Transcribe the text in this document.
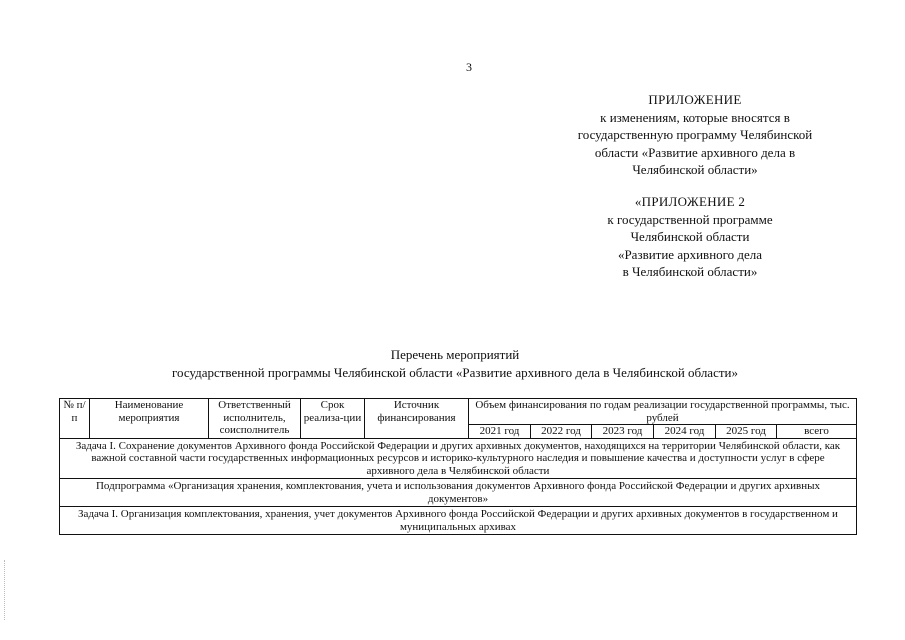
3
ПРИЛОЖЕНИЕ
к изменениям, которые вносятся в
государственную программу Челябинской
области «Развитие архивного дела в
Челябинской области»
«ПРИЛОЖЕНИЕ 2
к государственной программе
Челябинской области
«Развитие архивного дела
в Челябинской области»
Перечень мероприятий
государственной программы Челябинской области «Развитие архивного дела в Челябинской области»
№ п/п	Наименование мероприятия	Ответственный исполнитель, соисполнитель	Срок реализа-ции	Источник финансирования	Объем финансирования по годам реализации государственной программы, тыс. рублей					
					2021 год	2022 год	2023 год	2024 год	2025 год	всего
Задача I. Сохранение документов Архивного фонда Российской Федерации и других архивных документов, находящихся на территории Челябинской области, как важной составной части государственных информационных ресурсов и историко-культурного наследия и повышение качества и доступности услуг в сфере архивного дела в Челябинской области										
Подпрограмма «Организация хранения, комплектования, учета и использования документов Архивного фонда Российской Федерации и других архивных документов»										
Задача I. Организация комплектования, хранения, учет документов Архивного фонда Российской Федерации и других архивных документов в государственном и муниципальных архивах										
